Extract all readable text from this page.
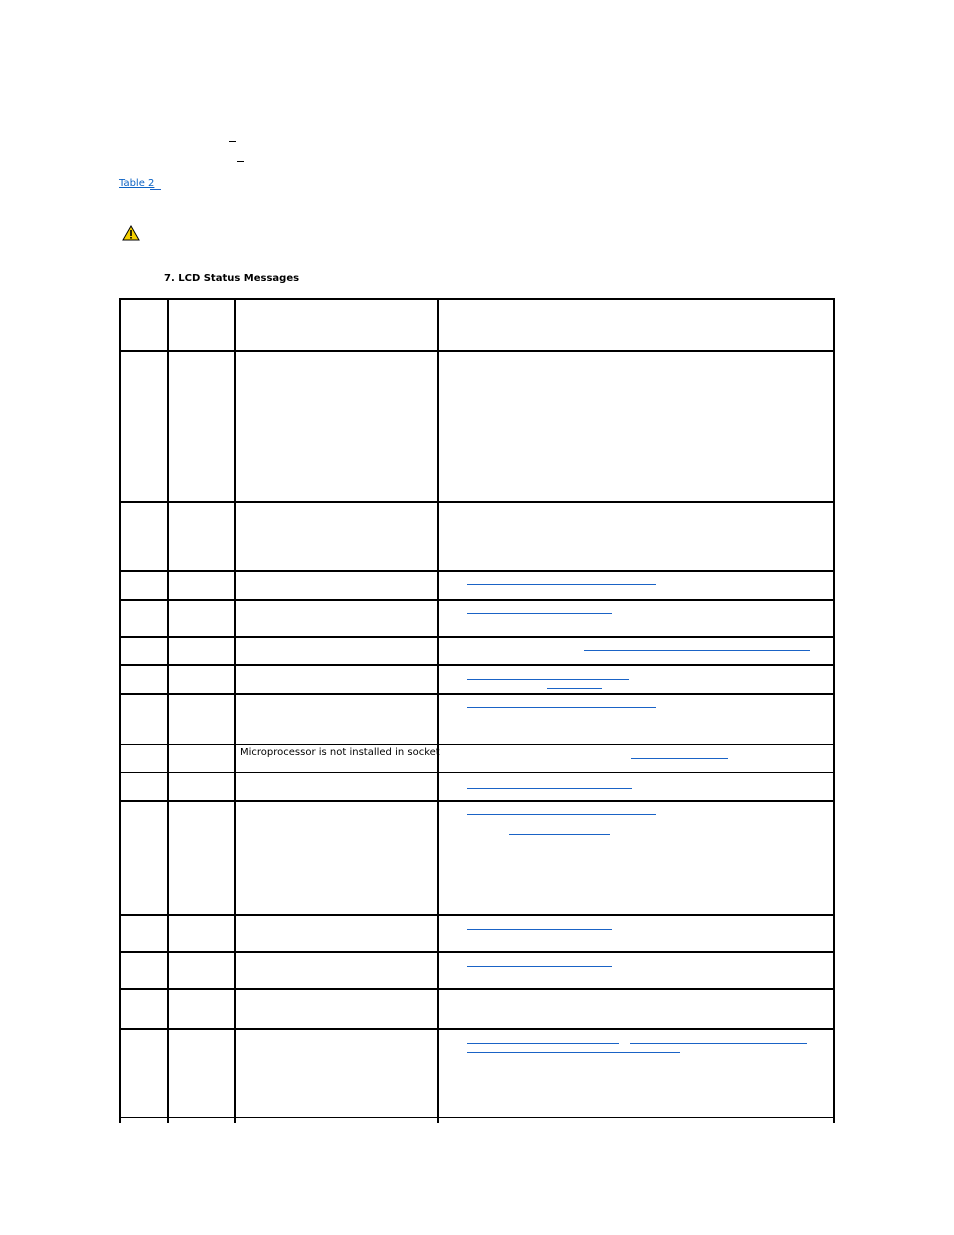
Table 2
7. LCD Status Messages
Microprocessor is not installed in socket
